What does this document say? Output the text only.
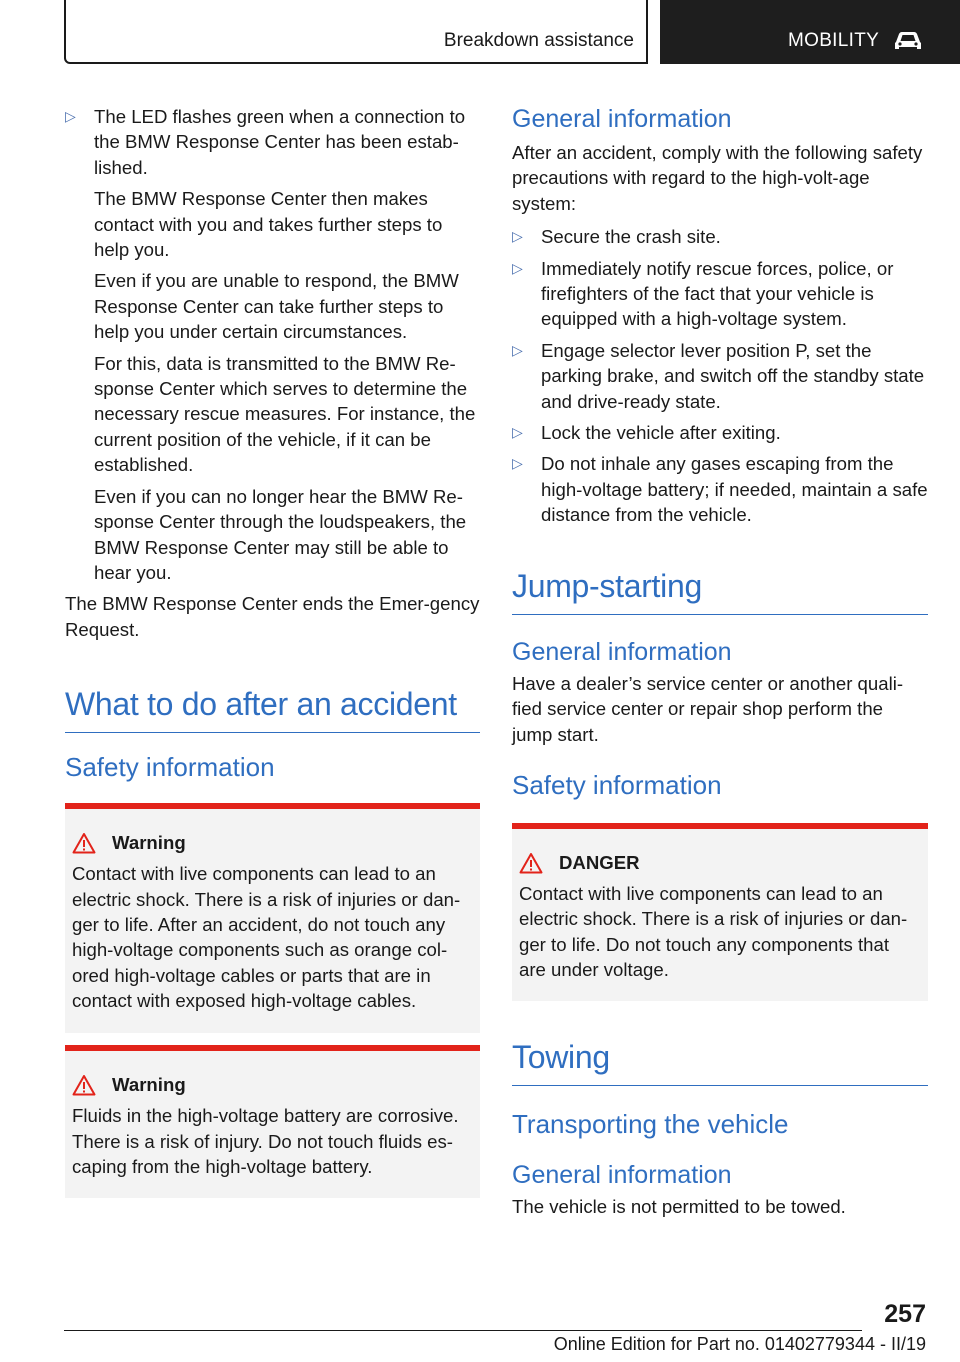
Breakdown assistance	MOBILITY
▷ The LED flashes green when a connection to the BMW Response Center has been estab-lished.

The BMW Response Center then makes contact with you and takes further steps to help you.

Even if you are unable to respond, the BMW Response Center can take further steps to help you under certain circumstances.

For this, data is transmitted to the BMW Re-sponse Center which serves to determine the necessary rescue measures. For instance, the current position of the vehicle, if it can be established.

Even if you can no longer hear the BMW Re-sponse Center through the loudspeakers, the BMW Response Center may still be able to hear you.

The BMW Response Center ends the Emer-gency Request.

What to do after an accident
Safety information
Warning

Contact with live components can lead to an electric shock. There is a risk of injuries or dan-ger to life. After an accident, do not touch any high-voltage components such as orange col-ored high-voltage cables or parts that are in contact with exposed high-voltage cables.

Warning

Fluids in the high-voltage battery are corrosive. There is a risk of injury. Do not touch fluids es-caping from the high-voltage battery.

General information

After an accident, comply with the following safety precautions with regard to the high-volt-age system:

▷ Secure the crash site.

▷ Immediately notify rescue forces, police, or firefighters of the fact that your vehicle is equipped with a high-voltage system.

▷ Engage selector lever position P, set the parking brake, and switch off the standby state and drive-ready state.

▷ Lock the vehicle after exiting.

▷ Do not inhale any gases escaping from the high-voltage battery; if needed, maintain a safe distance from the vehicle.

Jump-starting
General information

Have a dealer’s service center or another quali-fied service center or repair shop perform the jump start.

Safety information
DANGER

Contact with live components can lead to an electric shock. There is a risk of injuries or dan-ger to life. Do not touch any components that are under voltage.

Towing
Transporting the vehicle
General information

The vehicle is not permitted to be towed.

257
Online Edition for Part no. 01402779344 - II/19
